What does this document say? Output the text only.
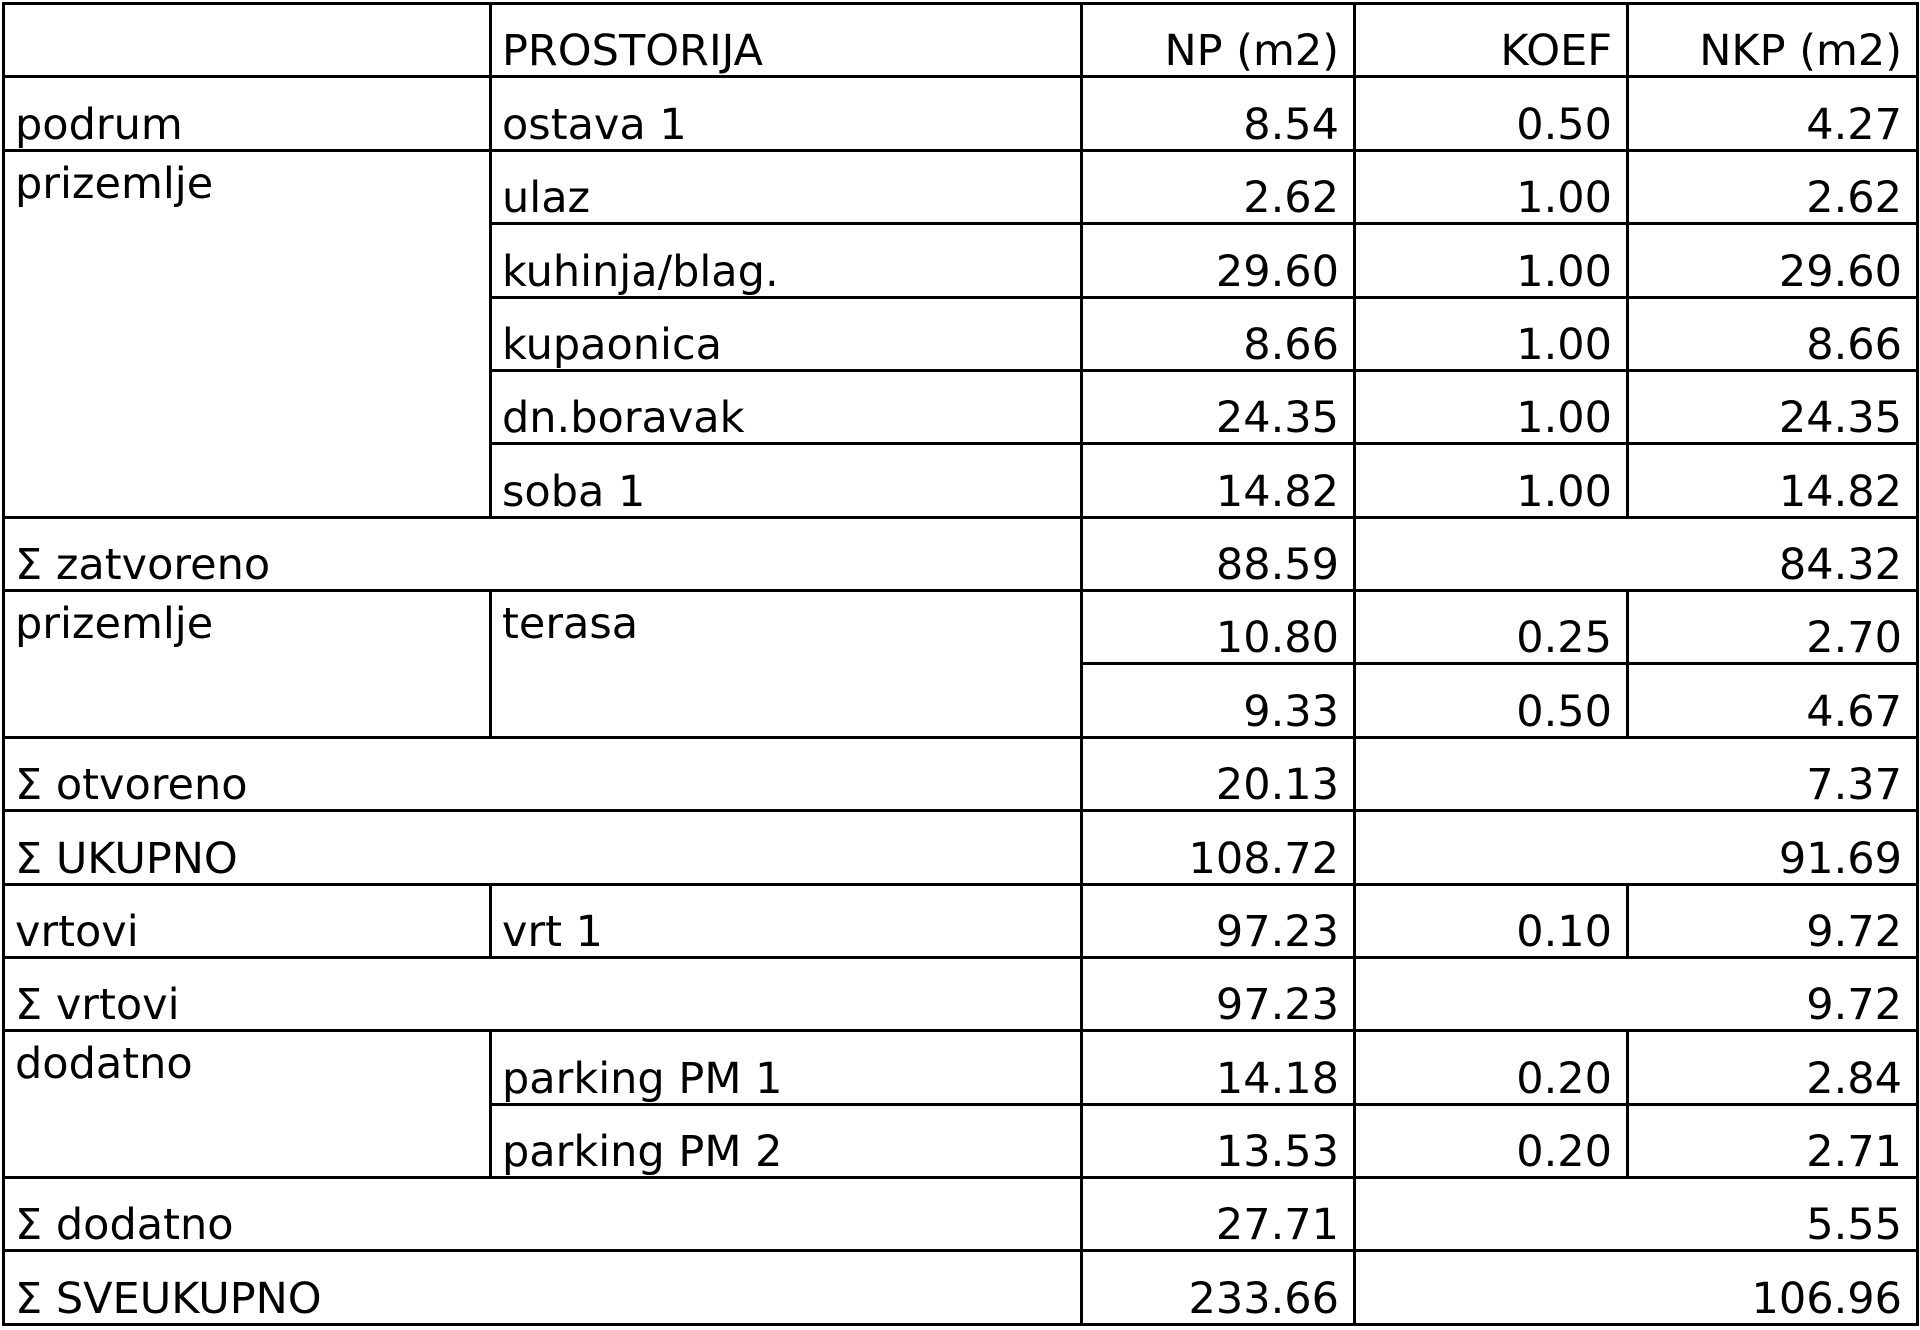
	PROSTORIJA	NP (m2)	KOEF	NKP (m2)
podrum	ostava 1	8.54	0.50	4.27
prizemlje	ulaz	2.62	1.00	2.62
	kuhinja/blag.	29.60	1.00	29.60
	kupaonica	8.66	1.00	8.66
	dn.boravak	24.35	1.00	24.35
	soba 1	14.82	1.00	14.82
Σ zatvoreno		88.59	84.32	
prizemlje	terasa	10.80	0.25	2.70
		9.33	0.50	4.67
Σ otvoreno		20.13	7.37	
Σ UKUPNO		108.72	91.69	
vrtovi	vrt 1	97.23	0.10	9.72
Σ vrtovi		97.23	9.72	
dodatno	parking PM 1	14.18	0.20	2.84
	parking PM 2	13.53	0.20	2.71
Σ dodatno		27.71	5.55	
Σ SVEUKUPNO		233.66	106.96	
